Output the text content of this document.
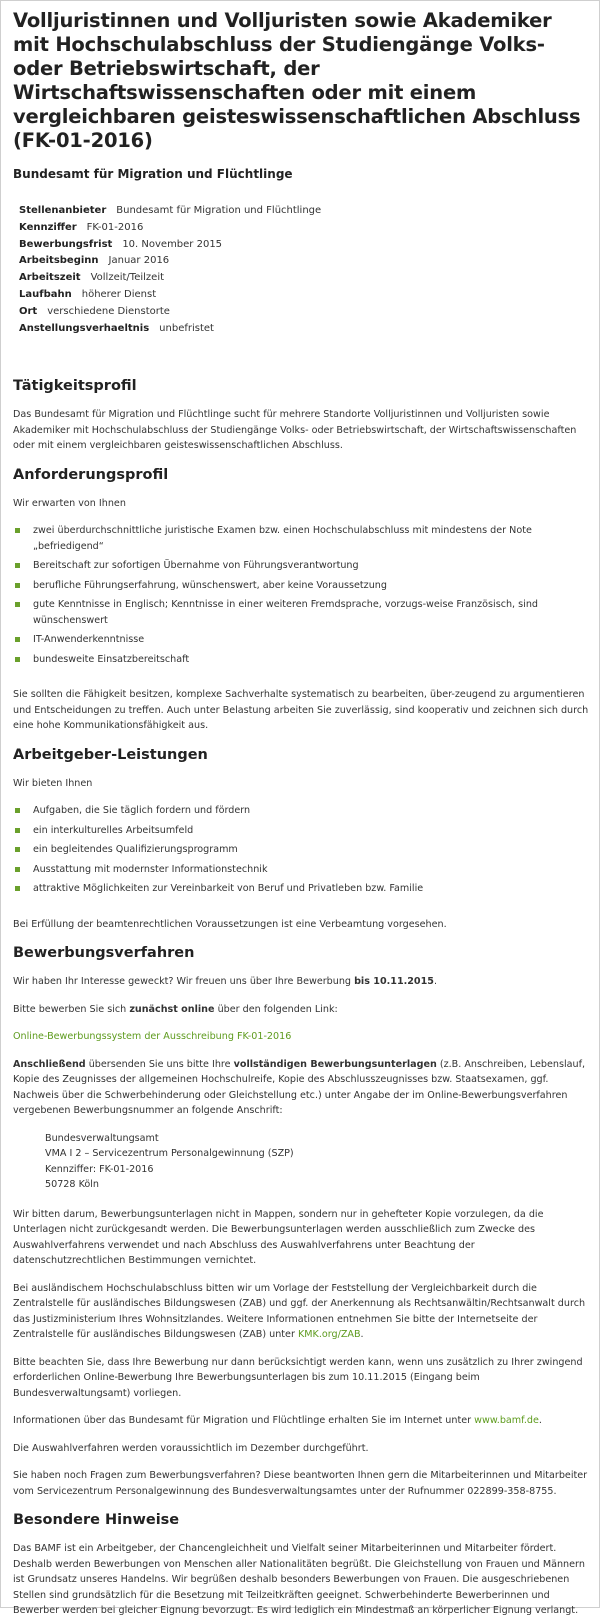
Volljuristinnen und Volljuristen sowie Akademiker mit Hochschulabschluss der Studiengänge Volks- oder Betriebswirtschaft, der Wirtschaftswissenschaften oder mit einem vergleichbaren geisteswissenschaftlichen Abschluss (FK-01-2016)
Bundesamt für Migration und Flüchtlinge
Stellenanbieter Bundesamt für Migration und Flüchtlinge
Kennziffer FK-01-2016
Bewerbungsfrist 10. November 2015
Arbeitsbeginn Januar 2016
Arbeitszeit Vollzeit/Teilzeit
Laufbahn höherer Dienst
Ort verschiedene Dienstorte
Anstellungsverhaeltnis unbefristet
Tätigkeitsprofil

Das Bundesamt für Migration und Flüchtlinge sucht für mehrere Standorte Volljuristinnen und Volljuristen sowie Akademiker mit Hochschulabschluss der Studiengänge Volks- oder Betriebswirtschaft, der Wirtschaftswissenschaften oder mit einem vergleichbaren geisteswissenschaftlichen Abschluss.

Anforderungsprofil

Wir erwarten von Ihnen

zwei überdurchschnittliche juristische Examen bzw. einen Hochschulabschluss mit mindestens der Note „befriedigend“
Bereitschaft zur sofortigen Übernahme von Führungsverantwortung
berufliche Führungserfahrung, wünschenswert, aber keine Voraussetzung
gute Kenntnisse in Englisch; Kenntnisse in einer weiteren Fremdsprache, vorzugs-weise Französisch, sind wünschenswert
IT-Anwenderkenntnisse
bundesweite Einsatzbereitschaft

Sie sollten die Fähigkeit besitzen, komplexe Sachverhalte systematisch zu bearbeiten, über-zeugend zu argumentieren und Entscheidungen zu treffen. Auch unter Belastung arbeiten Sie zuverlässig, sind kooperativ und zeichnen sich durch eine hohe Kommunikationsfähigkeit aus.

Arbeitgeber-Leistungen

Wir bieten Ihnen

Aufgaben, die Sie täglich fordern und fördern
ein interkulturelles Arbeitsumfeld
ein begleitendes Qualifizierungsprogramm
Ausstattung mit modernster Informationstechnik
attraktive Möglichkeiten zur Vereinbarkeit von Beruf und Privatleben bzw. Familie

Bei Erfüllung der beamtenrechtlichen Voraussetzungen ist eine Verbeamtung vorgesehen.

Bewerbungsverfahren

Wir haben Ihr Interesse geweckt? Wir freuen uns über Ihre Bewerbung bis 10.11.2015.

Bitte bewerben Sie sich zunächst online über den folgenden Link:

Online-Bewerbungssystem der Ausschreibung FK-01-2016

Anschließend übersenden Sie uns bitte Ihre vollständigen Bewerbungsunterlagen (z.B. Anschreiben, Lebenslauf, Kopie des Zeugnisses der allgemeinen Hochschulreife, Kopie des Abschlusszeugnisses bzw. Staatsexamen, ggf. Nachweis über die Schwerbehinderung oder Gleichstellung etc.) unter Angabe der im Online-Bewerbungsverfahren vergebenen Bewerbungsnummer an folgende Anschrift:

Bundesverwaltungsamt
VMA I 2 – Servicezentrum Personalgewinnung (SZP)
Kennziffer: FK-01-2016
50728 Köln

Wir bitten darum, Bewerbungsunterlagen nicht in Mappen, sondern nur in gehefteter Kopie vorzulegen, da die Unterlagen nicht zurückgesandt werden. Die Bewerbungsunterlagen werden ausschließlich zum Zwecke des Auswahlverfahrens verwendet und nach Abschluss des Auswahlverfahrens unter Beachtung der datenschutzrechtlichen Bestimmungen vernichtet.

Bei ausländischem Hochschulabschluss bitten wir um Vorlage der Feststellung der Vergleichbarkeit durch die Zentralstelle für ausländisches Bildungswesen (ZAB) und ggf. der Anerkennung als Rechtsanwältin/Rechtsanwalt durch das Justizministerium Ihres Wohnsitzlandes. Weitere Informationen entnehmen Sie bitte der Internetseite der Zentralstelle für ausländisches Bildungswesen (ZAB) unter KMK.org/ZAB.

Bitte beachten Sie, dass Ihre Bewerbung nur dann berücksichtigt werden kann, wenn uns zusätzlich zu Ihrer zwingend erforderlichen Online-Bewerbung Ihre Bewerbungsunterlagen bis zum 10.11.2015 (Eingang beim Bundesverwaltungsamt) vorliegen.

Informationen über das Bundesamt für Migration und Flüchtlinge erhalten Sie im Internet unter www.bamf.de.

Die Auswahlverfahren werden voraussichtlich im Dezember durchgeführt.

Sie haben noch Fragen zum Bewerbungsverfahren? Diese beantworten Ihnen gern die Mitarbeiterinnen und Mitarbeiter vom Servicezentrum Personalgewinnung des Bundesverwaltungsamtes unter der Rufnummer 022899-358-8755.

Besondere Hinweise

Das BAMF ist ein Arbeitgeber, der Chancengleichheit und Vielfalt seiner Mitarbeiterinnen und Mitarbeiter fördert. Deshalb werden Bewerbungen von Menschen aller Nationalitäten begrüßt. Die Gleichstellung von Frauen und Männern ist Grundsatz unseres Handelns. Wir begrüßen deshalb besonders Bewerbungen von Frauen. Die ausgeschriebenen Stellen sind grundsätzlich für die Besetzung mit Teilzeitkräften geeignet. Schwerbehinderte Bewerberinnen und Bewerber werden bei gleicher Eignung bevorzugt. Es wird lediglich ein Mindestmaß an körperlicher Eignung verlangt.
